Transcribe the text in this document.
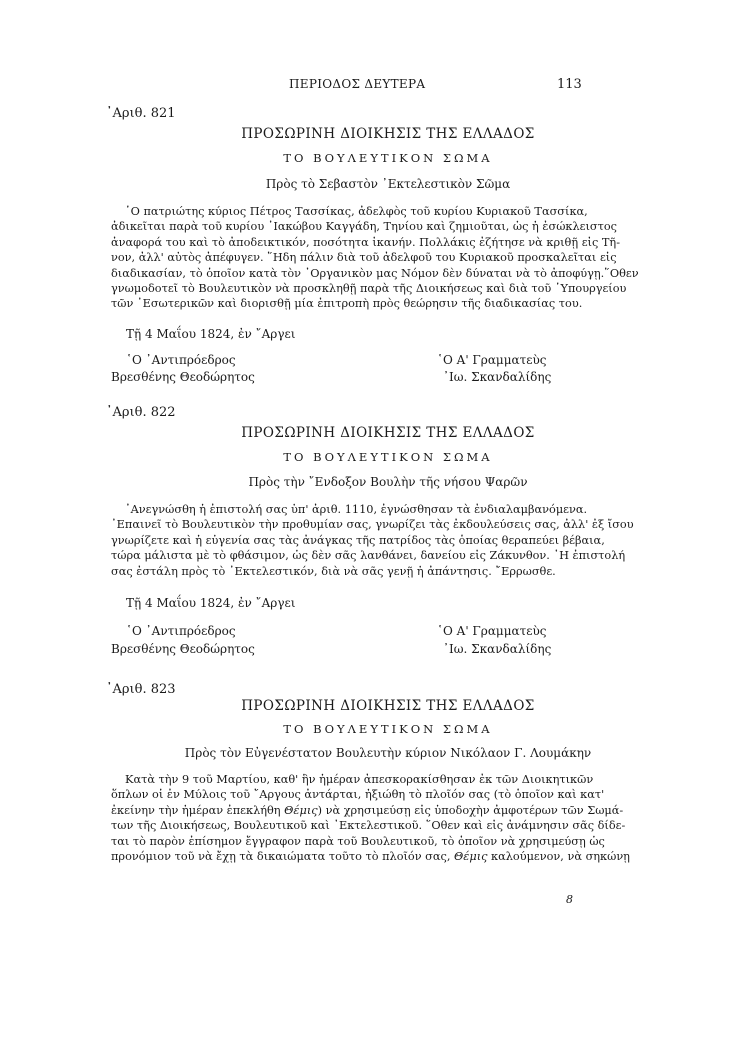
ΠΕΡΙΟΔΟΣ ΔΕΥΤΕΡΑ	113
᾿Αριθ. 821
ΠΡΟΣΩΡΙΝΗ ΔΙΟΙΚΗΣΙΣ ΤΗΣ ΕΛΛΑΔΟΣ
ΤΟ ΒΟΥΛΕΥΤΙΚΟΝ ΣΩΜΑ
Πρὸς τὸ Σεβαστὸν ᾿Εκτελεστικὸν Σῶμα
῾Ο πατριώτης κύριος Πέτρος Τασσίκας, ἀδελφὸς τοῦ κυρίου Κυριακοῦ Τασσίκα,
ἀδικεῖται παρὰ τοῦ κυρίου ᾿Ιακώβου Καγγάδη, Τηνίου καὶ ζημιοῦται, ὡς ἡ ἐσώκλειστος
ἀναφορά του καὶ τὸ ἀποδεικτικόν, ποσότητα ἱκανήν. Πολλάκις ἐζήτησε νὰ κριθῇ εἰς Τῆ-
νον, ἀλλ' αὐτὸς ἀπέφυγεν. ῞Ηδη πάλιν διὰ τοῦ ἀδελφοῦ του Κυριακοῦ προσκαλεῖται εἰς
διαδικασίαν, τὸ ὁποῖον κατὰ τὸν ᾿Οργανικὸν μας Νόμον δὲν δύναται νὰ τὸ ἀποφύγῃ.῞Οθεν
γνωμοδοτεῖ τὸ Βουλευτικὸν νὰ προσκληθῇ παρὰ τῆς Διοικήσεως καὶ διὰ τοῦ ῾Υπουργείου
τῶν ᾿Εσωτερικῶν καὶ διορισθῇ μία ἐπιτροπὴ πρὸς θεώρησιν τῆς διαδικασίας του.
Τῇ 4 Μαΐου 1824, ἐν ῎Αργει
῾Ο ᾿Αντιπρόεδρος
Βρεσθένης Θεοδώρητος
῾Ο Α' Γραμματεὺς
᾿Ιω. Σκανδαλίδης
᾿Αριθ. 822
ΠΡΟΣΩΡΙΝΗ ΔΙΟΙΚΗΣΙΣ ΤΗΣ ΕΛΛΑΔΟΣ
ΤΟ ΒΟΥΛΕΥΤΙΚΟΝ ΣΩΜΑ
Πρὸς τὴν ῎Ενδοξον Βουλὴν τῆς νήσου Ψαρῶν
᾿Ανεγνώσθη ἡ ἐπιστολή σας ὑπ' ἀριθ. 1110, ἐγνώσθησαν τὰ ἐνδιαλαμβανόμενα.
᾿Επαινεῖ τὸ Βουλευτικὸν τὴν προθυμίαν σας, γνωρίζει τὰς ἐκδουλεύσεις σας, ἀλλ' ἐξ ἴσου
γνωρίζετε καὶ ἡ εὐγενία σας τὰς ἀνάγκας τῆς πατρίδος τὰς ὁποίας θεραπεύει βέβαια,
τώρα μάλιστα μὲ τὸ φθάσιμον, ὡς δὲν σᾶς λανθάνει, δανείου εἰς Ζάκυνθον. ῾Η ἐπιστολή
σας ἐστάλη πρὸς τὸ ᾿Εκτελεστικόν, διὰ νὰ σᾶς γενῇ ἡ ἀπάντησις. ῎Ερρωσθε.
Τῇ 4 Μαΐου 1824, ἐν ῎Αργει
῾Ο ᾿Αντιπρόεδρος
Βρεσθένης Θεοδώρητος
῾Ο Α' Γραμματεὺς
᾿Ιω. Σκανδαλίδης
᾿Αριθ. 823
ΠΡΟΣΩΡΙΝΗ ΔΙΟΙΚΗΣΙΣ ΤΗΣ ΕΛΛΑΔΟΣ
ΤΟ ΒΟΥΛΕΥΤΙΚΟΝ ΣΩΜΑ
Πρὸς τὸν Εὐγενέστατον Βουλευτὴν κύριον Νικόλαον Γ. Λουμάκην
Κατὰ τὴν 9 τοῦ Μαρτίου, καθ' ἣν ἡμέραν ἀπεσκορακίσθησαν ἐκ τῶν Διοικητικῶν
ὅπλων οἱ ἐν Μύλοις τοῦ ῎Αργους ἀντάρται, ἠξιώθη τὸ πλοῖόν σας (τὸ ὁποῖον καὶ κατ'
ἐκείνην τὴν ἡμέραν ἐπεκλήθη Θέμις) νὰ χρησιμεύσῃ εἰς ὑποδοχὴν ἀμφοτέρων τῶν Σωμά-
των τῆς Διοικήσεως, Βουλευτικοῦ καὶ ᾿Εκτελεστικοῦ. ῞Οθεν καὶ εἰς ἀνάμνησιν σᾶς δίδε-
ται τὸ παρὸν ἐπίσημον ἔγγραφον παρὰ τοῦ Βουλευτικοῦ, τὸ ὁποῖον νὰ χρησιμεύσῃ ὡς
προνόμιον τοῦ νὰ ἔχῃ τὰ δικαιώματα τοῦτο τὸ πλοῖόν σας, Θέμις καλούμενον, νὰ σηκώνῃ
8
